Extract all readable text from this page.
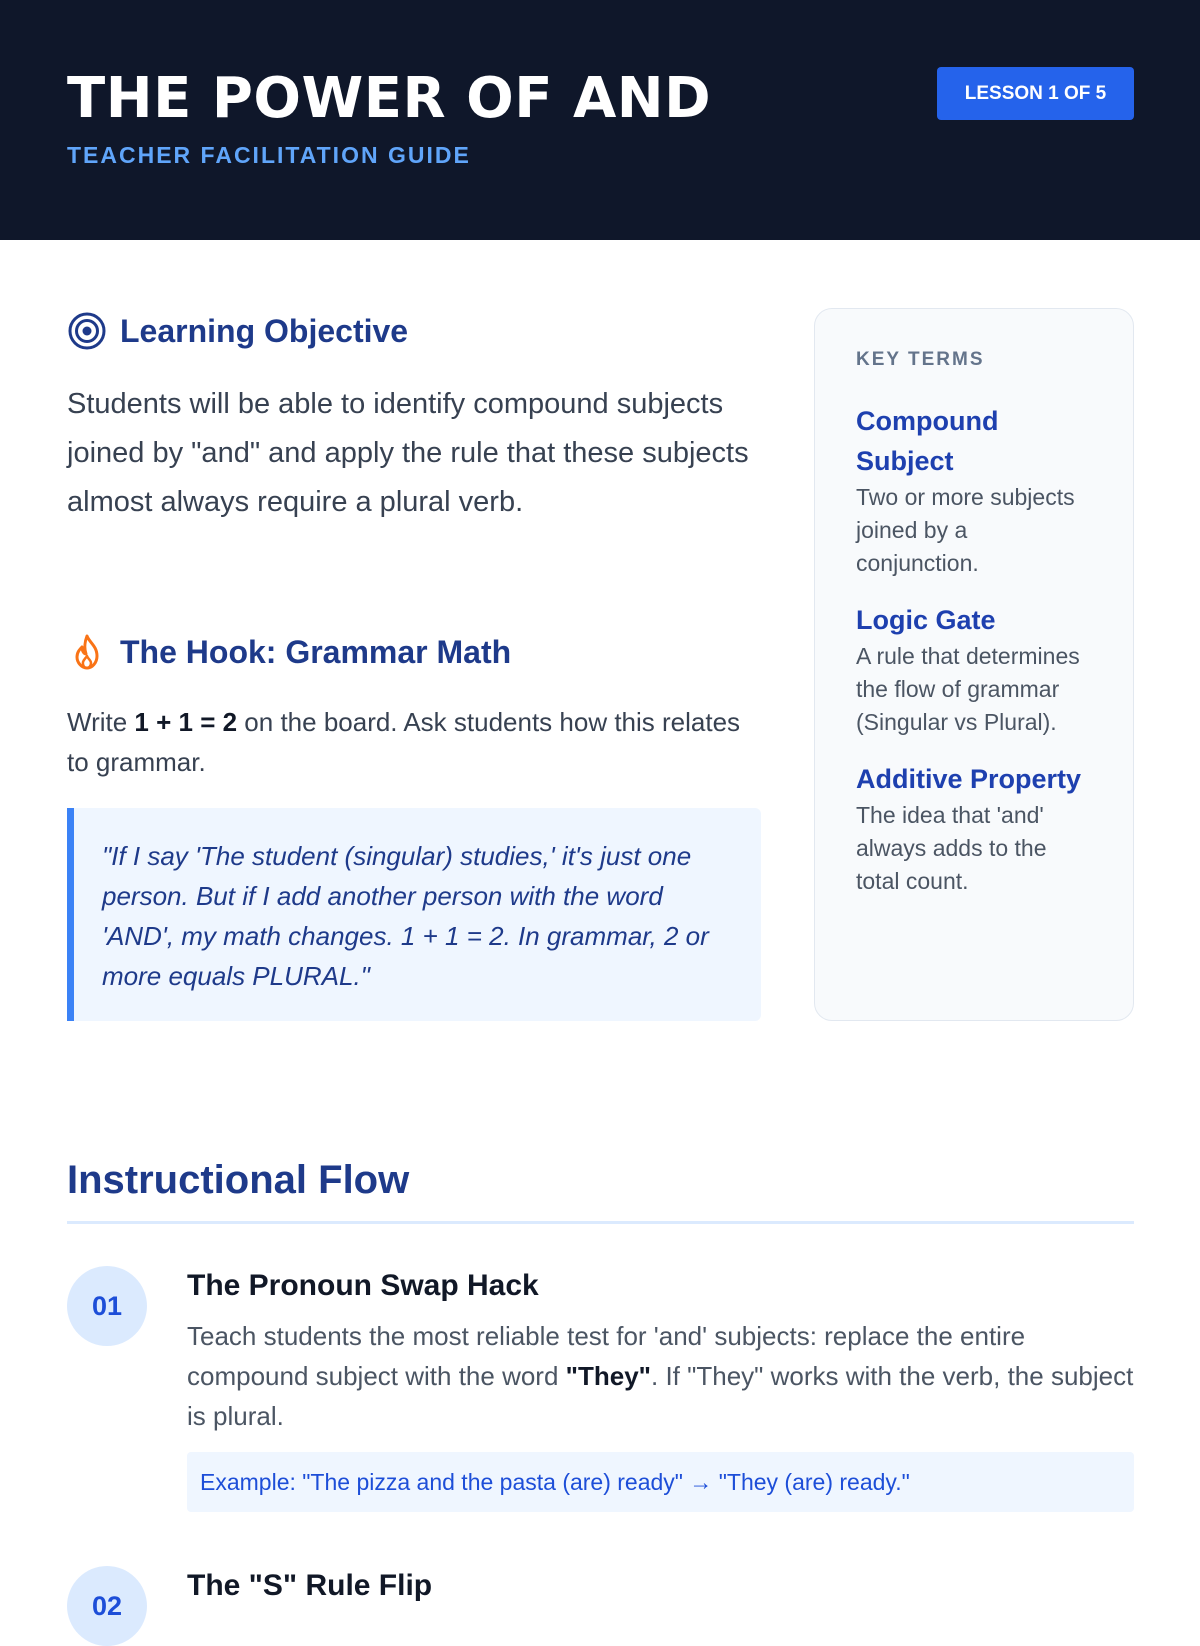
THE POWER OF AND
TEACHER FACILITATION GUIDE
LESSON 1 OF 5
Learning Objective

Students will be able to identify compound subjects joined by "and" and apply the rule that these subjects almost always require a plural verb.

The Hook: Grammar Math

Write 1 + 1 = 2 on the board. Ask students how this relates to grammar.

"If I say 'The student (singular) studies,' it's just one person. But if I add another person with the word 'AND', my math changes. 1 + 1 = 2. In grammar, 2 or more equals PLURAL."

KEY TERMS
Compound Subject
Two or more subjects joined by a conjunction.
Logic Gate
A rule that determines the flow of grammar (Singular vs Plural).
Additive Property
The idea that 'and' always adds to the total count.
Instructional Flow
01
The Pronoun Swap Hack

Teach students the most reliable test for 'and' subjects: replace the entire compound subject with the word "They". If "They" works with the verb, the subject is plural.

Example: "The pizza and the pasta (are) ready" → "They (are) ready."
02
The "S" Rule Flip
